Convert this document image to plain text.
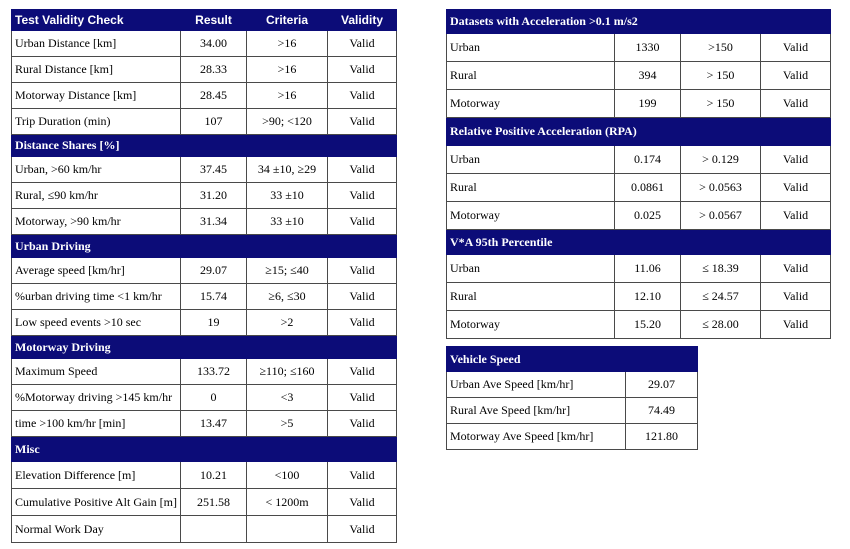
Test Validity Check	Result	Criteria	Validity
Urban Distance [km]	34.00	>16	Valid
Rural Distance [km]	28.33	>16	Valid
Motorway Distance [km]	28.45	>16	Valid
Trip Duration (min)	107	>90; <120	Valid
Distance Shares [%]			
Urban, >60 km/hr	37.45	34 ±10, ≥29	Valid
Rural, ≤90 km/hr	31.20	33 ±10	Valid
Motorway, >90 km/hr	31.34	33 ±10	Valid
Urban Driving			
Average speed [km/hr]	29.07	≥15; ≤40	Valid
%urban driving time <1 km/hr	15.74	≥6, ≤30	Valid
Low speed events >10 sec	19	>2	Valid
Motorway Driving			
Maximum Speed	133.72	≥110; ≤160	Valid
%Motorway driving >145 km/hr	0	<3	Valid
time >100 km/hr [min]	13.47	>5	Valid
Misc			
Elevation Difference [m]	10.21	<100	Valid
Cumulative Positive Alt Gain [m]	251.58	< 1200m	Valid
Normal Work Day			Valid
Datasets with Acceleration >0.1 m/s2			
Urban	1330	>150	Valid
Rural	394	> 150	Valid
Motorway	199	> 150	Valid
Relative Positive Acceleration (RPA)			
Urban	0.174	> 0.129	Valid
Rural	0.0861	> 0.0563	Valid
Motorway	0.025	> 0.0567	Valid
V*A 95th Percentile			
Urban	11.06	≤ 18.39	Valid
Rural	12.10	≤ 24.57	Valid
Motorway	15.20	≤ 28.00	Valid
Vehicle Speed	
Urban Ave Speed [km/hr]	29.07
Rural Ave Speed [km/hr]	74.49
Motorway Ave Speed [km/hr]	121.80
